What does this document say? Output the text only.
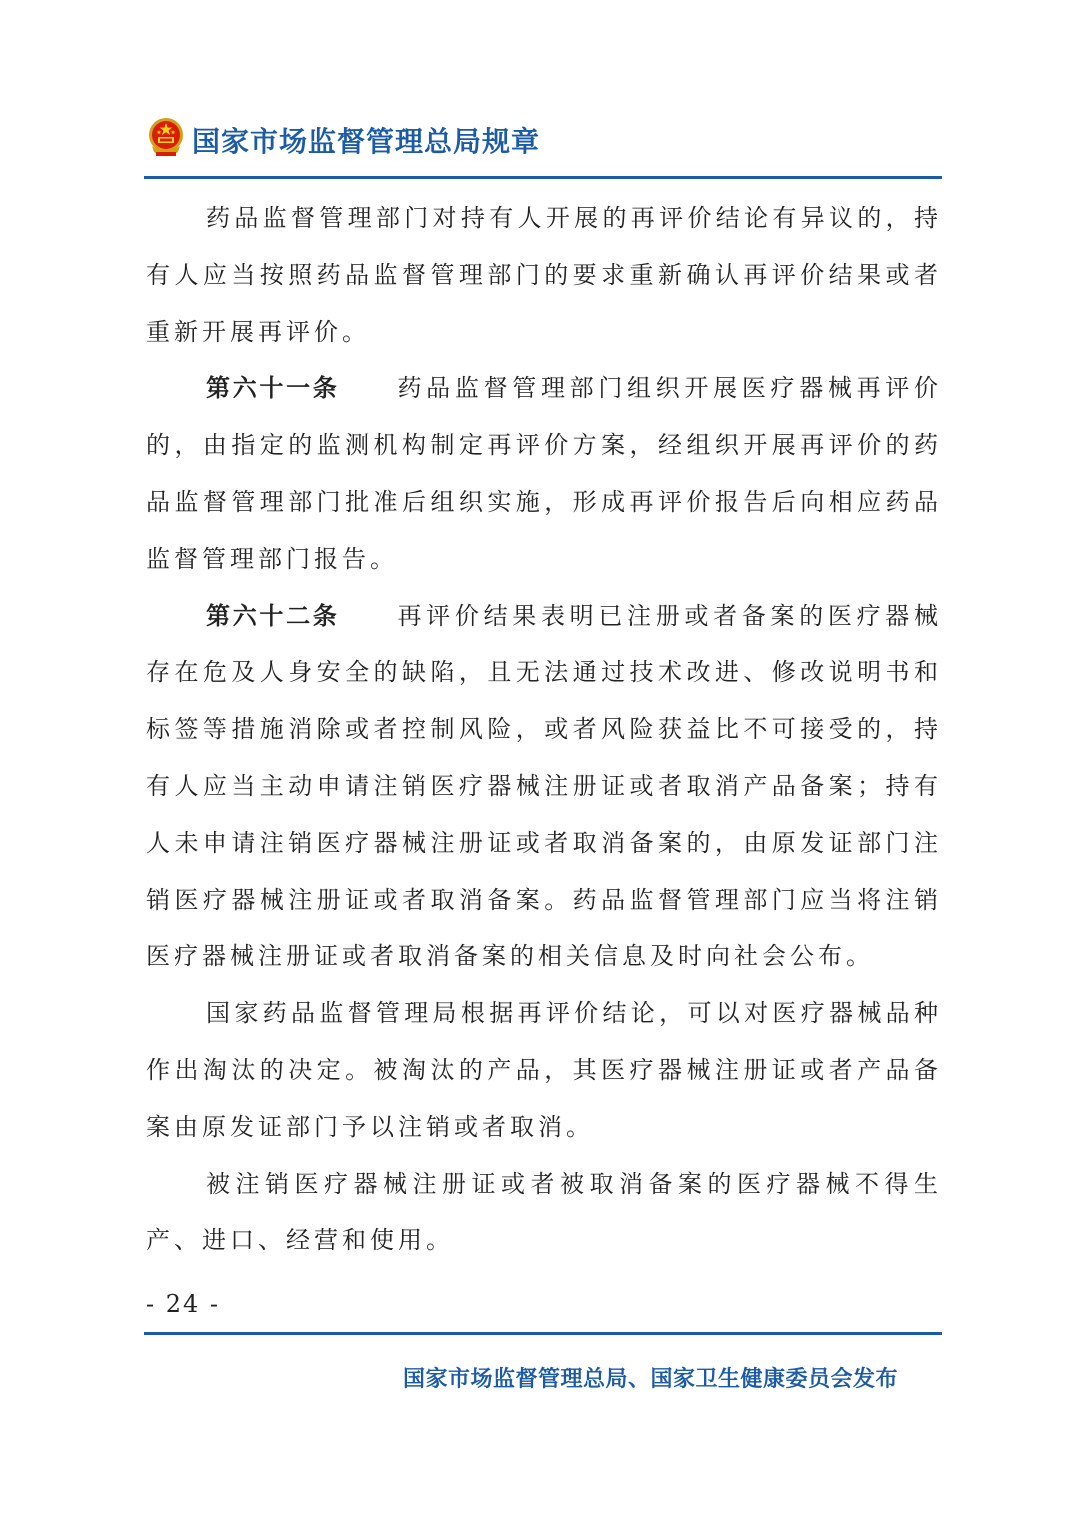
国家市场监督管理总局规章

药品监督管理部门对持有人开展的再评价结论有异议的，持有人应当按照药品监督管理部门的要求重新确认再评价结果或者重新开展再评价。

第六十一条 药品监督管理部门组织开展医疗器械再评价的，由指定的监测机构制定再评价方案，经组织开展再评价的药品监督管理部门批准后组织实施，形成再评价报告后向相应药品监督管理部门报告。

第六十二条 再评价结果表明已注册或者备案的医疗器械存在危及人身安全的缺陷，且无法通过技术改进、修改说明书和标签等措施消除或者控制风险，或者风险获益比不可接受的，持有人应当主动申请注销医疗器械注册证或者取消产品备案；持有人未申请注销医疗器械注册证或者取消备案的，由原发证部门注销医疗器械注册证或者取消备案。药品监督管理部门应当将注销医疗器械注册证或者取消备案的相关信息及时向社会公布。

国家药品监督管理局根据再评价结论，可以对医疗器械品种作出淘汰的决定。被淘汰的产品，其医疗器械注册证或者产品备案由原发证部门予以注销或者取消。

被注销医疗器械注册证或者被取消备案的医疗器械不得生产、进口、经营和使用。

- 24 -
国家市场监督管理总局、国家卫生健康委员会发布
